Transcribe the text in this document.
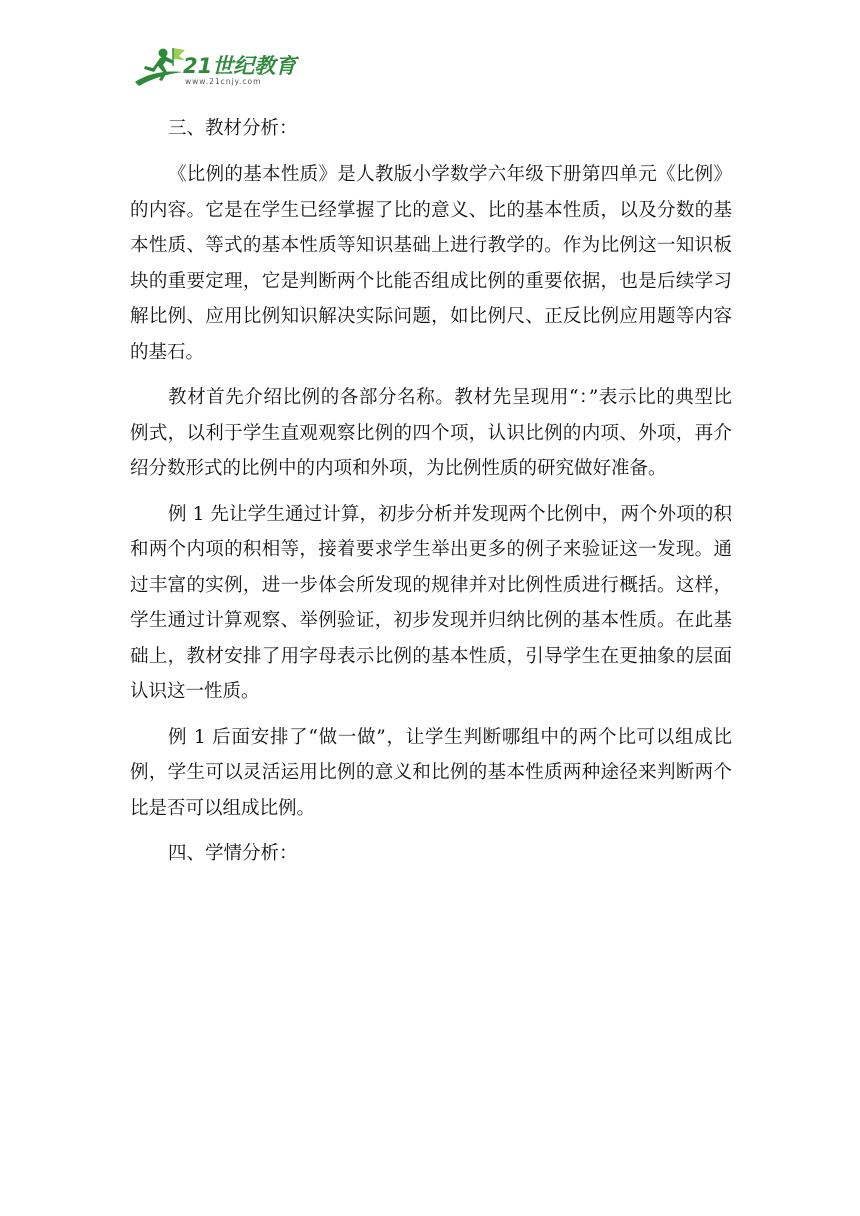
21世纪教育
www.21cnjy.com

三、教材分析：

《比例的基本性质》是人教版小学数学六年级下册第四单元《比例》的内容。它是在学生已经掌握了比的意义、比的基本性质，以及分数的基本性质、等式的基本性质等知识基础上进行教学的。作为比例这一知识板块的重要定理，它是判断两个比能否组成比例的重要依据，也是后续学习解比例、应用比例知识解决实际问题，如比例尺、正反比例应用题等内容的基石。

教材首先介绍比例的各部分名称。教材先呈现用“：”表示比的典型比例式，以利于学生直观观察比例的四个项，认识比例的内项、外项，再介绍分数形式的比例中的内项和外项，为比例性质的研究做好准备。

例 1 先让学生通过计算，初步分析并发现两个比例中，两个外项的积和两个内项的积相等，接着要求学生举出更多的例子来验证这一发现。通过丰富的实例，进一步体会所发现的规律并对比例性质进行概括。这样，学生通过计算观察、举例验证，初步发现并归纳比例的基本性质。在此基础上，教材安排了用字母表示比例的基本性质，引导学生在更抽象的层面认识这一性质。

例 1 后面安排了“做一做”，让学生判断哪组中的两个比可以组成比例，学生可以灵活运用比例的意义和比例的基本性质两种途径来判断两个比是否可以组成比例。

四、学情分析：
